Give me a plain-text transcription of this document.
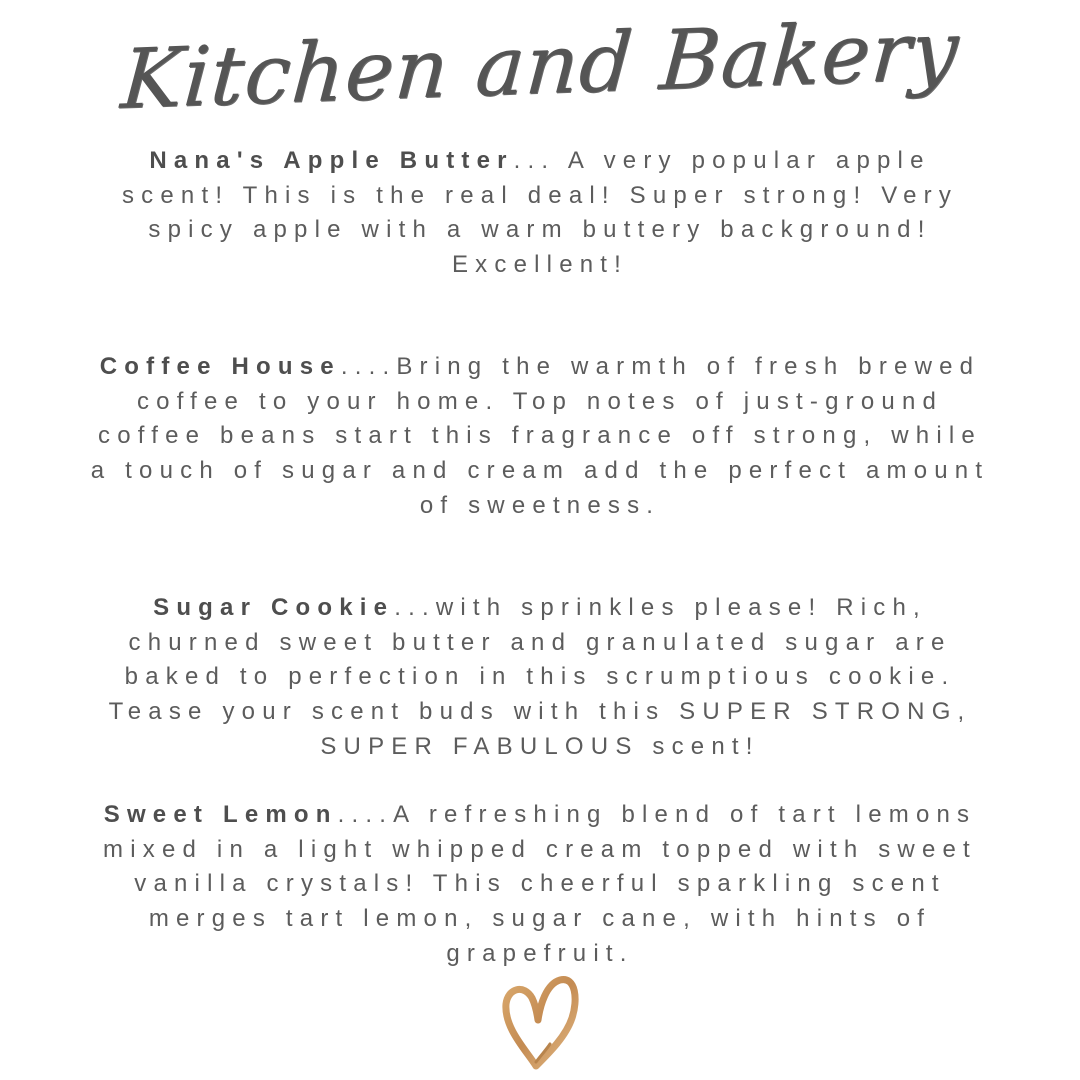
Kitchen and Bakery
Nana's Apple Butter... A very popular apple scent! This is the real deal! Super strong! Very spicy apple with a warm buttery background! Excellent!
Coffee House....Bring the warmth of fresh brewed coffee to your home. Top notes of just-ground coffee beans start this fragrance off strong, while a touch of sugar and cream add the perfect amount of sweetness.
Sugar Cookie...with sprinkles please! Rich, churned sweet butter and granulated sugar are baked to perfection in this scrumptious cookie. Tease your scent buds with this SUPER STRONG, SUPER FABULOUS scent!
Sweet Lemon....A refreshing blend of tart lemons mixed in a light whipped cream topped with sweet vanilla crystals! This cheerful sparkling scent merges tart lemon, sugar cane, with hints of grapefruit.
